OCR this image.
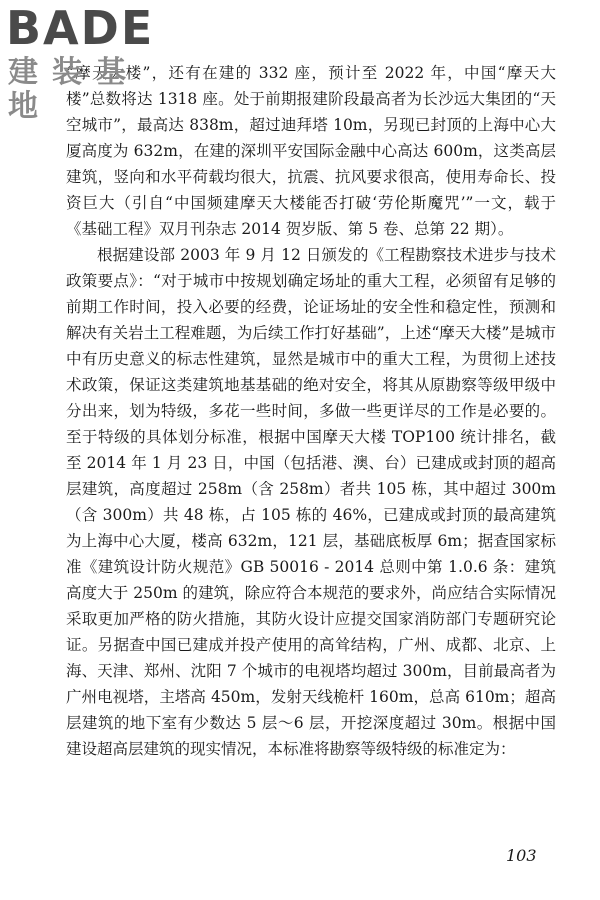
BADE
建装基地

“摩天大楼”，还有在建的 332 座，预计至 2022 年，中国“摩天大楼”总数将达 1318 座。处于前期报建阶段最高者为长沙远大集团的“天空城市”，最高达 838m，超过迪拜塔 10m，另现已封顶的上海中心大厦高度为 632m，在建的深圳平安国际金融中心高达 600m，这类高层建筑，竖向和水平荷载均很大，抗震、抗风要求很高，使用寿命长、投资巨大（引自“中国频建摩天大楼能否打破‘劳伦斯魔咒’”一文，载于《基础工程》双月刊杂志 2014 贺岁版、第 5 卷、总第 22 期）。

根据建设部 2003 年 9 月 12 日颁发的《工程勘察技术进步与技术政策要点》：“对于城市中按规划确定场址的重大工程，必须留有足够的前期工作时间，投入必要的经费，论证场址的安全性和稳定性，预测和解决有关岩土工程难题，为后续工作打好基础”，上述“摩天大楼”是城市中有历史意义的标志性建筑，显然是城市中的重大工程，为贯彻上述技术政策，保证这类建筑地基基础的绝对安全，将其从原勘察等级甲级中分出来，划为特级，多花一些时间，多做一些更详尽的工作是必要的。至于特级的具体划分标准，根据中国摩天大楼 TOP100 统计排名，截至 2014 年 1 月 23 日，中国（包括港、澳、台）已建成或封顶的超高层建筑，高度超过 258m（含 258m）者共 105 栋，其中超过 300m（含 300m）共 48 栋，占 105 栋的 46%，已建成或封顶的最高建筑为上海中心大厦，楼高 632m，121 层，基础底板厚 6m；据查国家标准《建筑设计防火规范》GB 50016 - 2014 总则中第 1.0.6 条：建筑高度大于 250m 的建筑，除应符合本规范的要求外，尚应结合实际情况采取更加严格的防火措施，其防火设计应提交国家消防部门专题研究论证。另据查中国已建成并投产使用的高耸结构，广州、成都、北京、上海、天津、郑州、沈阳 7 个城市的电视塔均超过 300m，目前最高者为广州电视塔，主塔高 450m，发射天线桅杆 160m，总高 610m；超高层建筑的地下室有少数达 5 层～6 层，开挖深度超过 30m。根据中国建设超高层建筑的现实情况，本标准将勘察等级特级的标准定为：

103
